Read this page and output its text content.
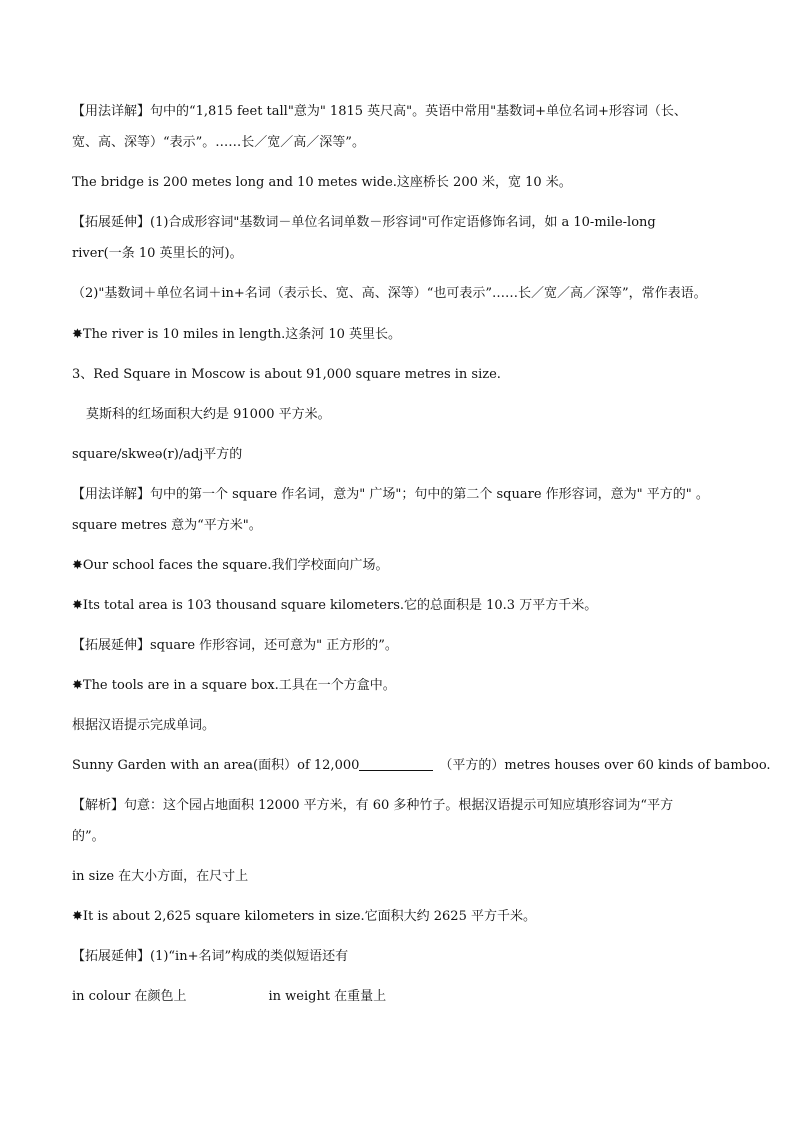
【用法详解】句中的“1,815 feet tall"意为" 1815 英尺高"。英语中常用"基数词+单位名词+形容词（长、
宽、高、深等）“表示”。……长／宽／高／深等”。
The bridge is 200 metes long and 10 metes wide.这座桥长 200 米，宽 10 米。
【拓展延伸】(1)合成形容词"基数词－单位名词单数－形容词"可作定语修饰名词，如 a 10-mile-long
river(一条 10 英里长的河)。
（2)"基数词＋单位名词＋in+名词（表示长、宽、高、深等）“也可表示”……长／宽／高／深等”，常作表语。
✸The river is 10 miles in length.这条河 10 英里长。
3、Red Square in Moscow is about 91,000 square metres in size.
莫斯科的红场面积大约是 91000 平方米。
square/skweə(r)/adj平方的
【用法详解】句中的第一个 square 作名词，意为" 广场"；句中的第二个 square 作形容词，意为" 平方的" 。
square metres 意为“平方米"。
✸Our school faces the square.我们学校面向广场。
✸Its total area is 103 thousand square kilometers.它的总面积是 10.3 万平方千米。
【拓展延伸】square 作形容词，还可意为" 正方形的”。
✸The tools are in a square box.工具在一个方盒中。
根据汉语提示完成单词。
Sunny Garden with an area(面积）of 12,000	（平方的）metres houses over 60 kinds of bamboo.
【解析】句意：这个园占地面积 12000 平方米，有 60 多种竹子。根据汉语提示可知应填形容词为“平方
的”。
in size 在大小方面，在尺寸上
✸It is about 2,625 square kilometers in size.它面积大约 2625 平方千米。
【拓展延伸】(1)“in+名词”构成的类似短语还有
in colour 在颜色上	in weight 在重量上
